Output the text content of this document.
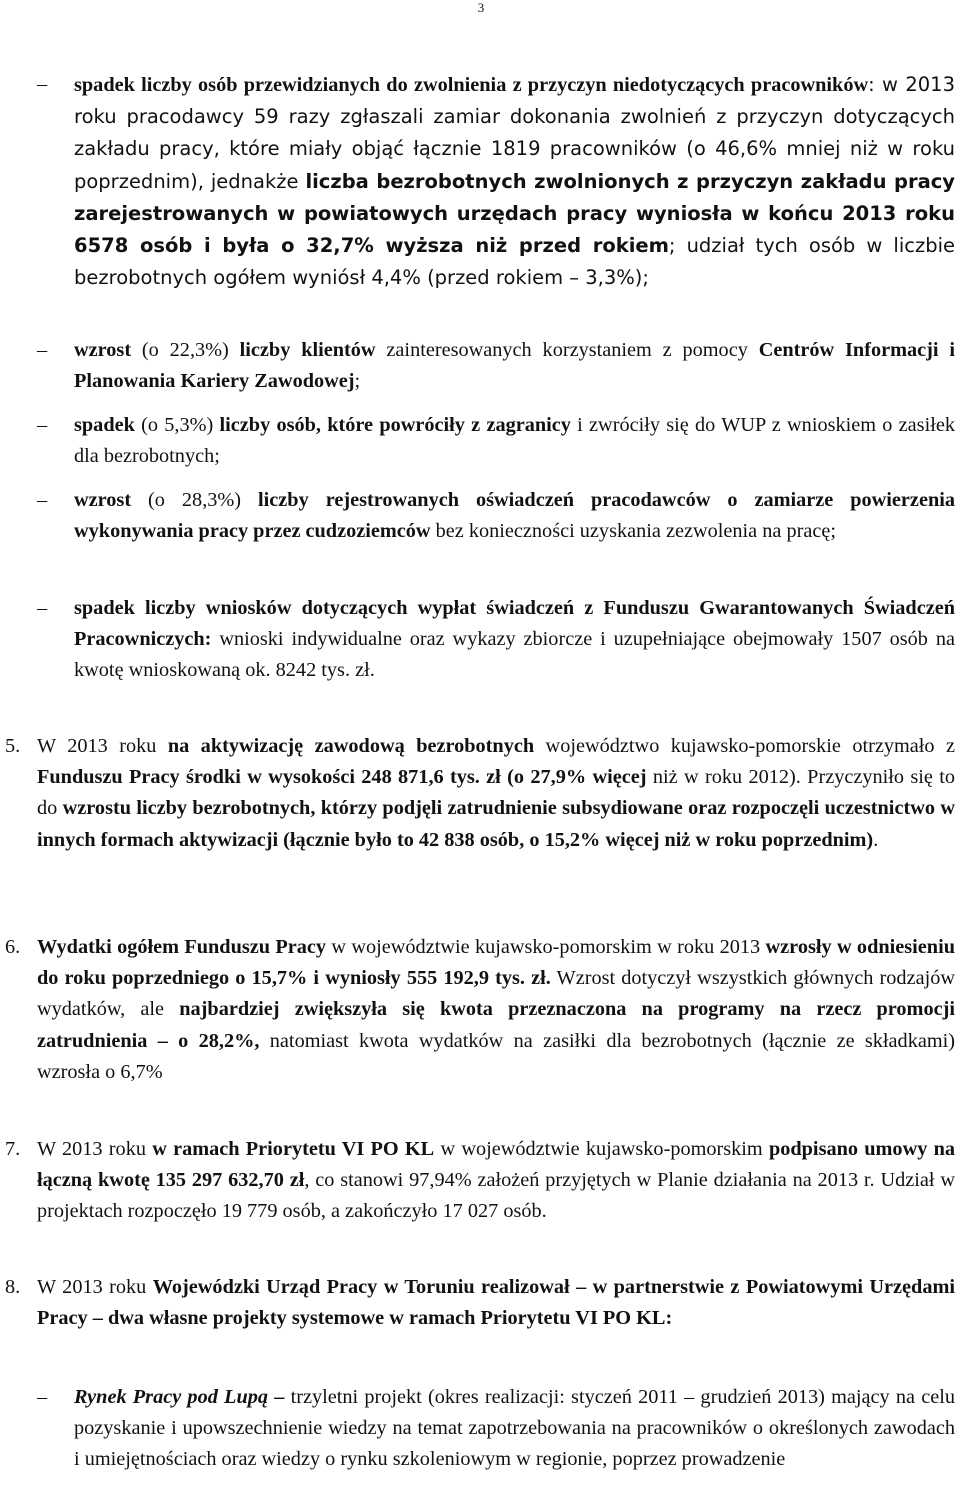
3
–	spadek liczby osób przewidzianych do zwolnienia z przyczyn niedotyczących pracowników: w 2013 roku pracodawcy 59 razy zgłaszali zamiar dokonania zwolnień z przyczyn dotyczących zakładu pracy, które miały objąć łącznie 1819 pracowników (o 46,6% mniej niż w roku poprzednim), jednakże liczba bezrobotnych zwolnionych z przyczyn zakładu pracy zarejestrowanych w powiatowych urzędach pracy wyniosła w końcu 2013 roku 6578 osób i była o 32,7% wyższa niż przed rokiem; udział tych osób w liczbie bezrobotnych ogółem wyniósł 4,4% (przed rokiem – 3,3%);
–	wzrost (o 22,3%) liczby klientów zainteresowanych korzystaniem z pomocy Centrów Informacji i Planowania Kariery Zawodowej;
–	spadek (o 5,3%) liczby osób, które powróciły z zagranicy i zwróciły się do WUP z wnioskiem o zasiłek dla bezrobotnych;
–	wzrost (o 28,3%) liczby rejestrowanych oświadczeń pracodawców o zamiarze powierzenia wykonywania pracy przez cudzoziemców bez konieczności uzyskania zezwolenia na pracę;
–	spadek liczby wniosków dotyczących wypłat świadczeń z Funduszu Gwarantowanych Świadczeń Pracowniczych: wnioski indywidualne oraz wykazy zbiorcze i uzupełniające obejmowały 1507 osób na kwotę wnioskowaną ok. 8242 tys. zł.
5. W 2013 roku na aktywizację zawodową bezrobotnych województwo kujawsko-pomorskie otrzymało z Funduszu Pracy środki w wysokości 248 871,6 tys. zł (o 27,9% więcej niż w roku 2012). Przyczyniło się to do wzrostu liczby bezrobotnych, którzy podjęli zatrudnienie subsydiowane oraz rozpoczęli uczestnictwo w innych formach aktywizacji (łącznie było to 42 838 osób, o 15,2% więcej niż w roku poprzednim).
6. Wydatki ogółem Funduszu Pracy w województwie kujawsko-pomorskim w roku 2013 wzrosły w odniesieniu do roku poprzedniego o 15,7% i wyniosły 555 192,9 tys. zł. Wzrost dotyczył wszystkich głównych rodzajów wydatków, ale najbardziej zwiększyła się kwota przeznaczona na programy na rzecz promocji zatrudnienia – o 28,2%, natomiast kwota wydatków na zasiłki dla bezrobotnych (łącznie ze składkami) wzrosła o 6,7%
7. W 2013 roku w ramach Priorytetu VI PO KL w województwie kujawsko-pomorskim podpisano umowy na łączną kwotę 135 297 632,70 zł, co stanowi 97,94% założeń przyjętych w Planie działania na 2013 r. Udział w projektach rozpoczęło 19 779 osób, a zakończyło 17 027 osób.
8. W 2013 roku Wojewódzki Urząd Pracy w Toruniu realizował – w partnerstwie z Powiatowymi Urzędami Pracy – dwa własne projekty systemowe w ramach Priorytetu VI PO KL:
–	Rynek Pracy pod Lupą – trzyletni projekt (okres realizacji: styczeń 2011 – grudzień 2013) mający na celu pozyskanie i upowszechnienie wiedzy na temat zapotrzebowania na pracowników o określonych zawodach i umiejętnościach oraz wiedzy o rynku szkoleniowym w regionie, poprzez prowadzenie
